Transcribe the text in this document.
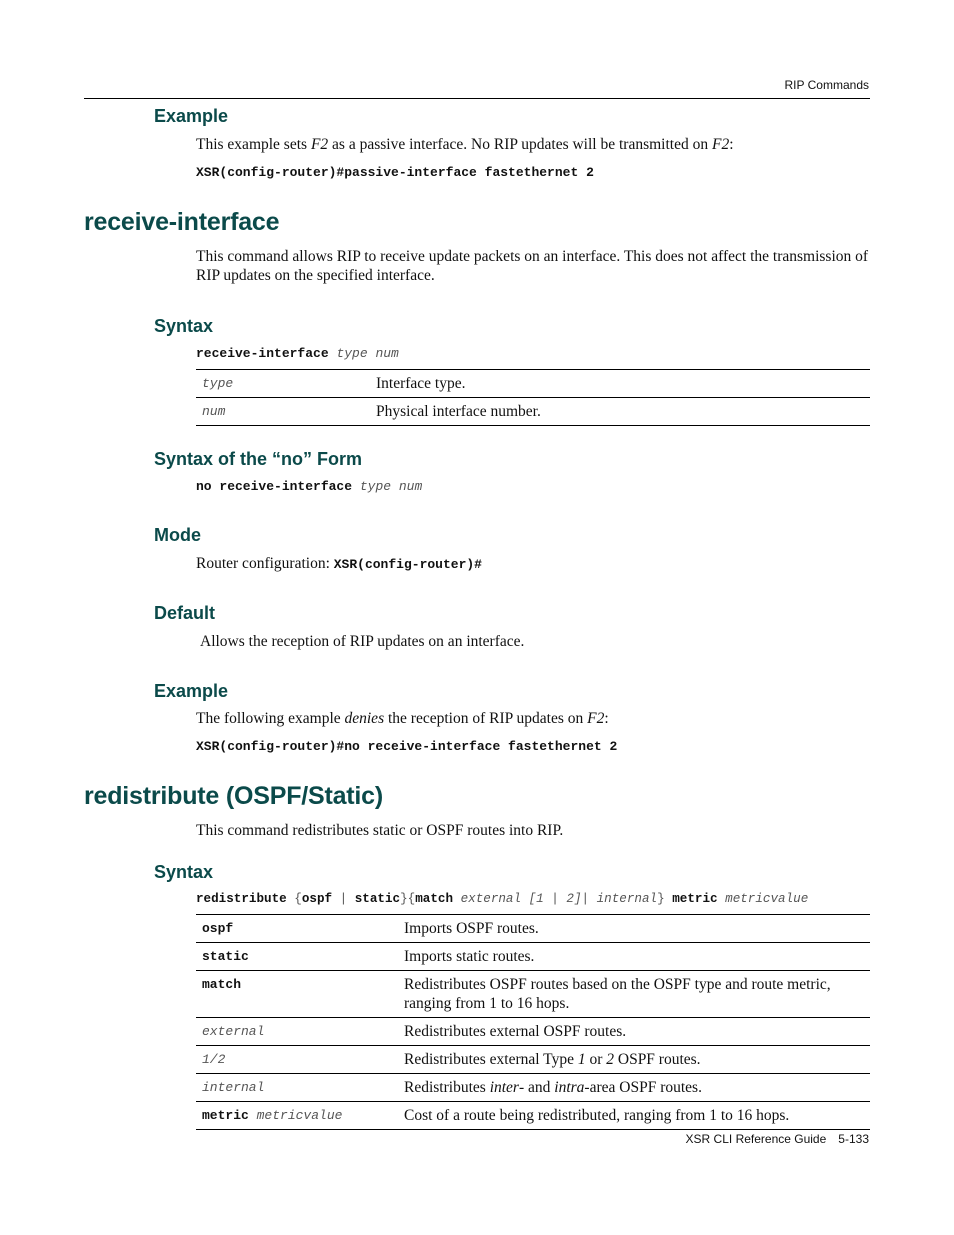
RIP Commands
Example
This example sets F2 as a passive interface. No RIP updates will be transmitted on F2:
XSR(config-router)#passive-interface fastethernet 2
receive-interface
This command allows RIP to receive update packets on an interface. This does not affect the transmission of RIP updates on the specified interface.
Syntax
receive-interface type num
type	Interface type.
num	Physical interface number.
Syntax of the “no” Form
no receive-interface type num
Mode
Router configuration: XSR(config-router)#
Default
Allows the reception of RIP updates on an interface.
Example
The following example denies the reception of RIP updates on F2:
XSR(config-router)#no receive-interface fastethernet 2
redistribute (OSPF/Static)
This command redistributes static or OSPF routes into RIP.
Syntax
redistribute {ospf | static}{match external [1 | 2]| internal} metric metricvalue
ospf	Imports OSPF routes.
static	Imports static routes.
match	Redistributes OSPF routes based on the OSPF type and route metric, ranging from 1 to 16 hops.
external	Redistributes external OSPF routes.
1/2	Redistributes external Type 1 or 2 OSPF routes.
internal	Redistributes inter- and intra-area OSPF routes.
metric metricvalue	Cost of a route being redistributed, ranging from 1 to 16 hops.
XSR CLI Reference Guide 5-133
